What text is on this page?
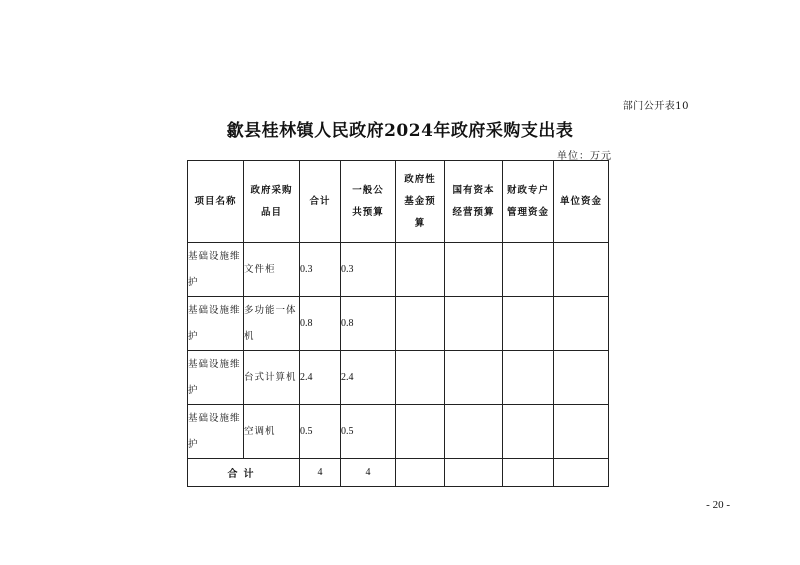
部门公开表10
歙县桂林镇人民政府2024年政府采购支出表
单位：万元
项目名称	政府采购品目	合计	一般公共预算	政府性基金预算	国有资本经营预算	财政专户管理资金	单位资金

基础设施维护	文件柜	0.3	0.3				
基础设施维护	多功能一体机	0.8	0.8				
基础设施维护	台式计算机	2.4	2.4				
基础设施维护	空调机	0.5	0.5				
合计		4	4				
- 20 -
